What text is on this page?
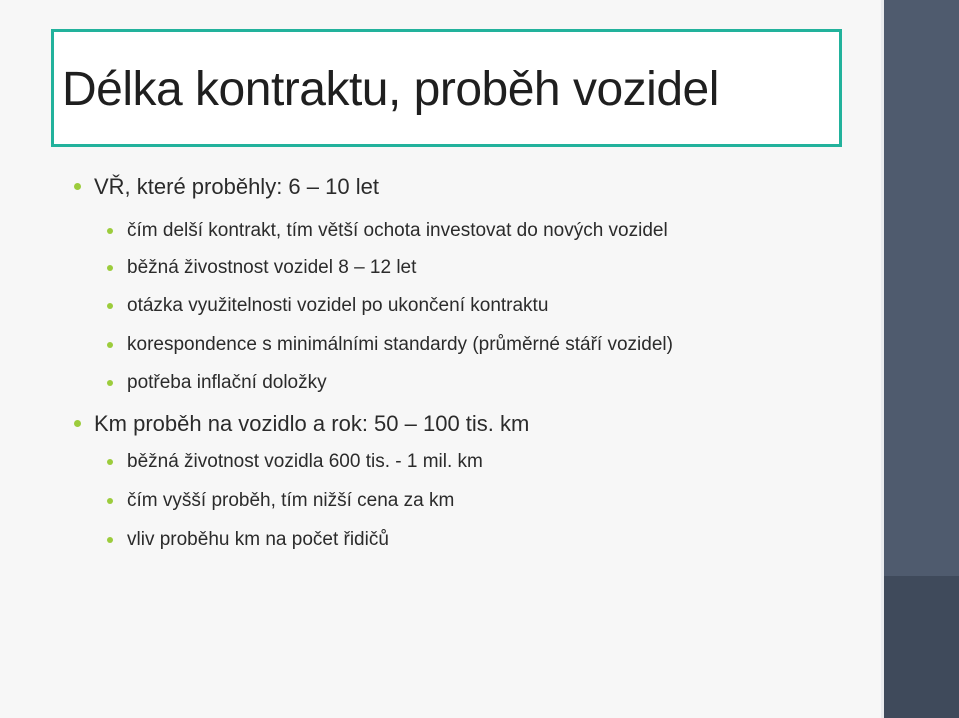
Délka kontraktu, proběh vozidel
VŘ, které proběhly: 6 – 10 let
čím delší kontrakt, tím větší ochota investovat do nových vozidel
běžná živostnost vozidel 8 – 12 let
otázka využitelnosti vozidel po ukončení kontraktu
korespondence s minimálními standardy (průměrné stáří vozidel)
potřeba inflační doložky
Km proběh na vozidlo a rok: 50 – 100 tis. km
běžná životnost vozidla 600 tis. - 1 mil. km
čím vyšší proběh, tím nižší cena za km
vliv proběhu km na počet řidičů
